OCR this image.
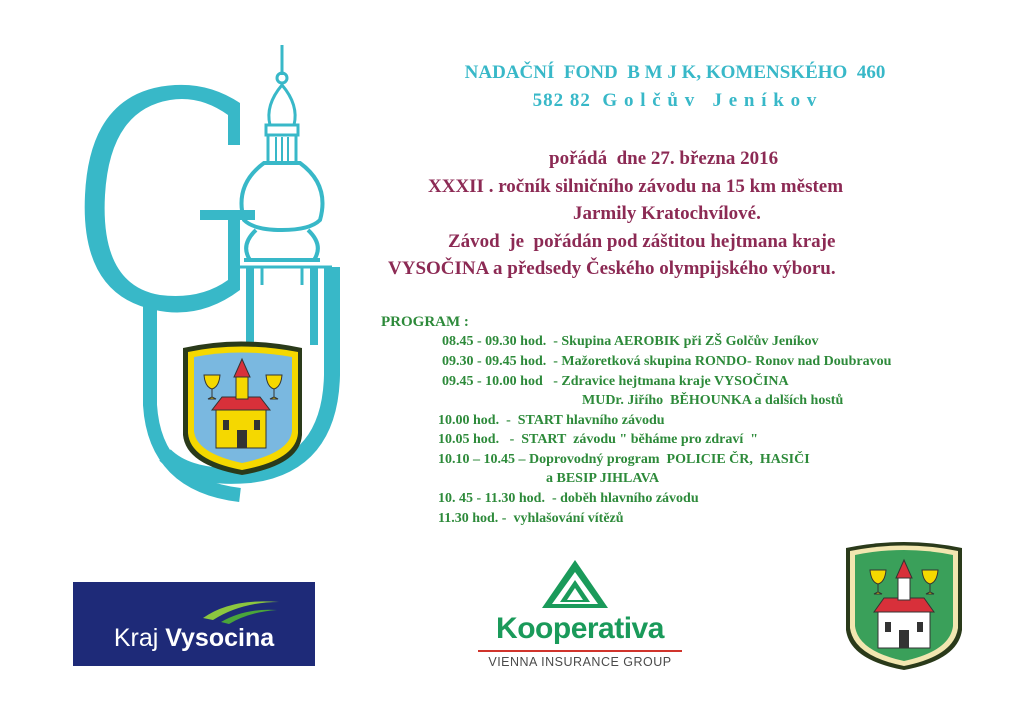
NADAČNÍ  FOND  B M J K, KOMENSKÉHO  460
582 82  G o l č ů v   J e n í k o v
pořádá  dne 27. března 2016
XXXII . ročník silničního závodu na 15 km městem
Jarmily Kratochvílové.
Závod  je  pořádán pod záštitou hejtmana kraje
VYSOČINA a předsedy Českého olympijského výboru.
PROGRAM :
08.45 - 09.30 hod.  - Skupina AEROBIK při ZŠ Golčův Jeníkov
09.30 - 09.45 hod.  - Mažoretková skupina RONDO- Ronov nad Doubravou
09.45 - 10.00 hod   - Zdravice hejtmana kraje VYSOČINA
MUDr. Jiřího  BĚHOUNKA a dalších hostů
10.00 hod.  -  START hlavního závodu
10.05 hod.   -  START  závodu " běháme pro zdraví  "
10.10 – 10.45 – Doprovodný program  POLICIE ČR,  HASIČI
a BESIP JIHLAVA
10. 45 - 11.30 hod.  - doběh hlavního závodu
11.30 hod. -  vyhlašování vítězů
Kraj Vysocina	Kooperativa
VIENNA INSURANCE GROUP
